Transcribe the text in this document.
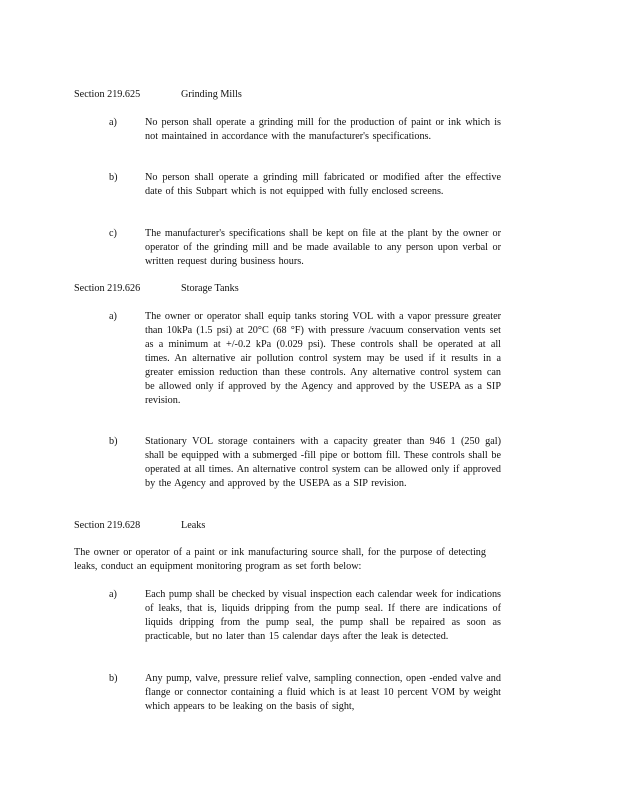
Section 219.625	Grinding Mills
a)	No person shall operate a grinding mill for the production of paint or ink which is not maintained in accordance with the manufacturer's specifications.
b)	No person shall operate a grinding mill fabricated or modified after the effective date of this Subpart which is not equipped with fully enclosed screens.
c)	The manufacturer's specifications shall be kept on file at the plant by the owner or operator of the grinding mill and be made available to any person upon verbal or written request during business hours.
Section 219.626	Storage Tanks
a)	The owner or operator shall equip tanks storing VOL with a vapor pressure greater than 10kPa (1.5 psi) at 20°C (68 °F) with pressure /vacuum conservation vents set as a minimum at +/-0.2 kPa (0.029 psi). These controls shall be operated at all times. An alternative air pollution control system may be used if it results in a greater emission reduction than these controls. Any alternative control system can be allowed only if approved by the Agency and approved by the USEPA as a SIP revision.
b)	Stationary VOL storage containers with a capacity greater than 946 1 (250 gal) shall be equipped with a submerged -fill pipe or bottom fill. These controls shall be operated at all times. An alternative control system can be allowed only if approved by the Agency and approved by the USEPA as a SIP revision.
Section 219.628	Leaks
The owner or operator of a paint or ink manufacturing source shall, for the purpose of detecting leaks, conduct an equipment monitoring program as set forth below:
a)	Each pump shall be checked by visual inspection each calendar week for indications of leaks, that is, liquids dripping from the pump seal. If there are indications of liquids dripping from the pump seal, the pump shall be repaired as soon as practicable, but no later than 15 calendar days after the leak is detected.
b)	Any pump, valve, pressure relief valve, sampling connection, open -ended valve and flange or connector containing a fluid which is at least 10 percent VOM by weight which appears to be leaking on the basis of sight,
